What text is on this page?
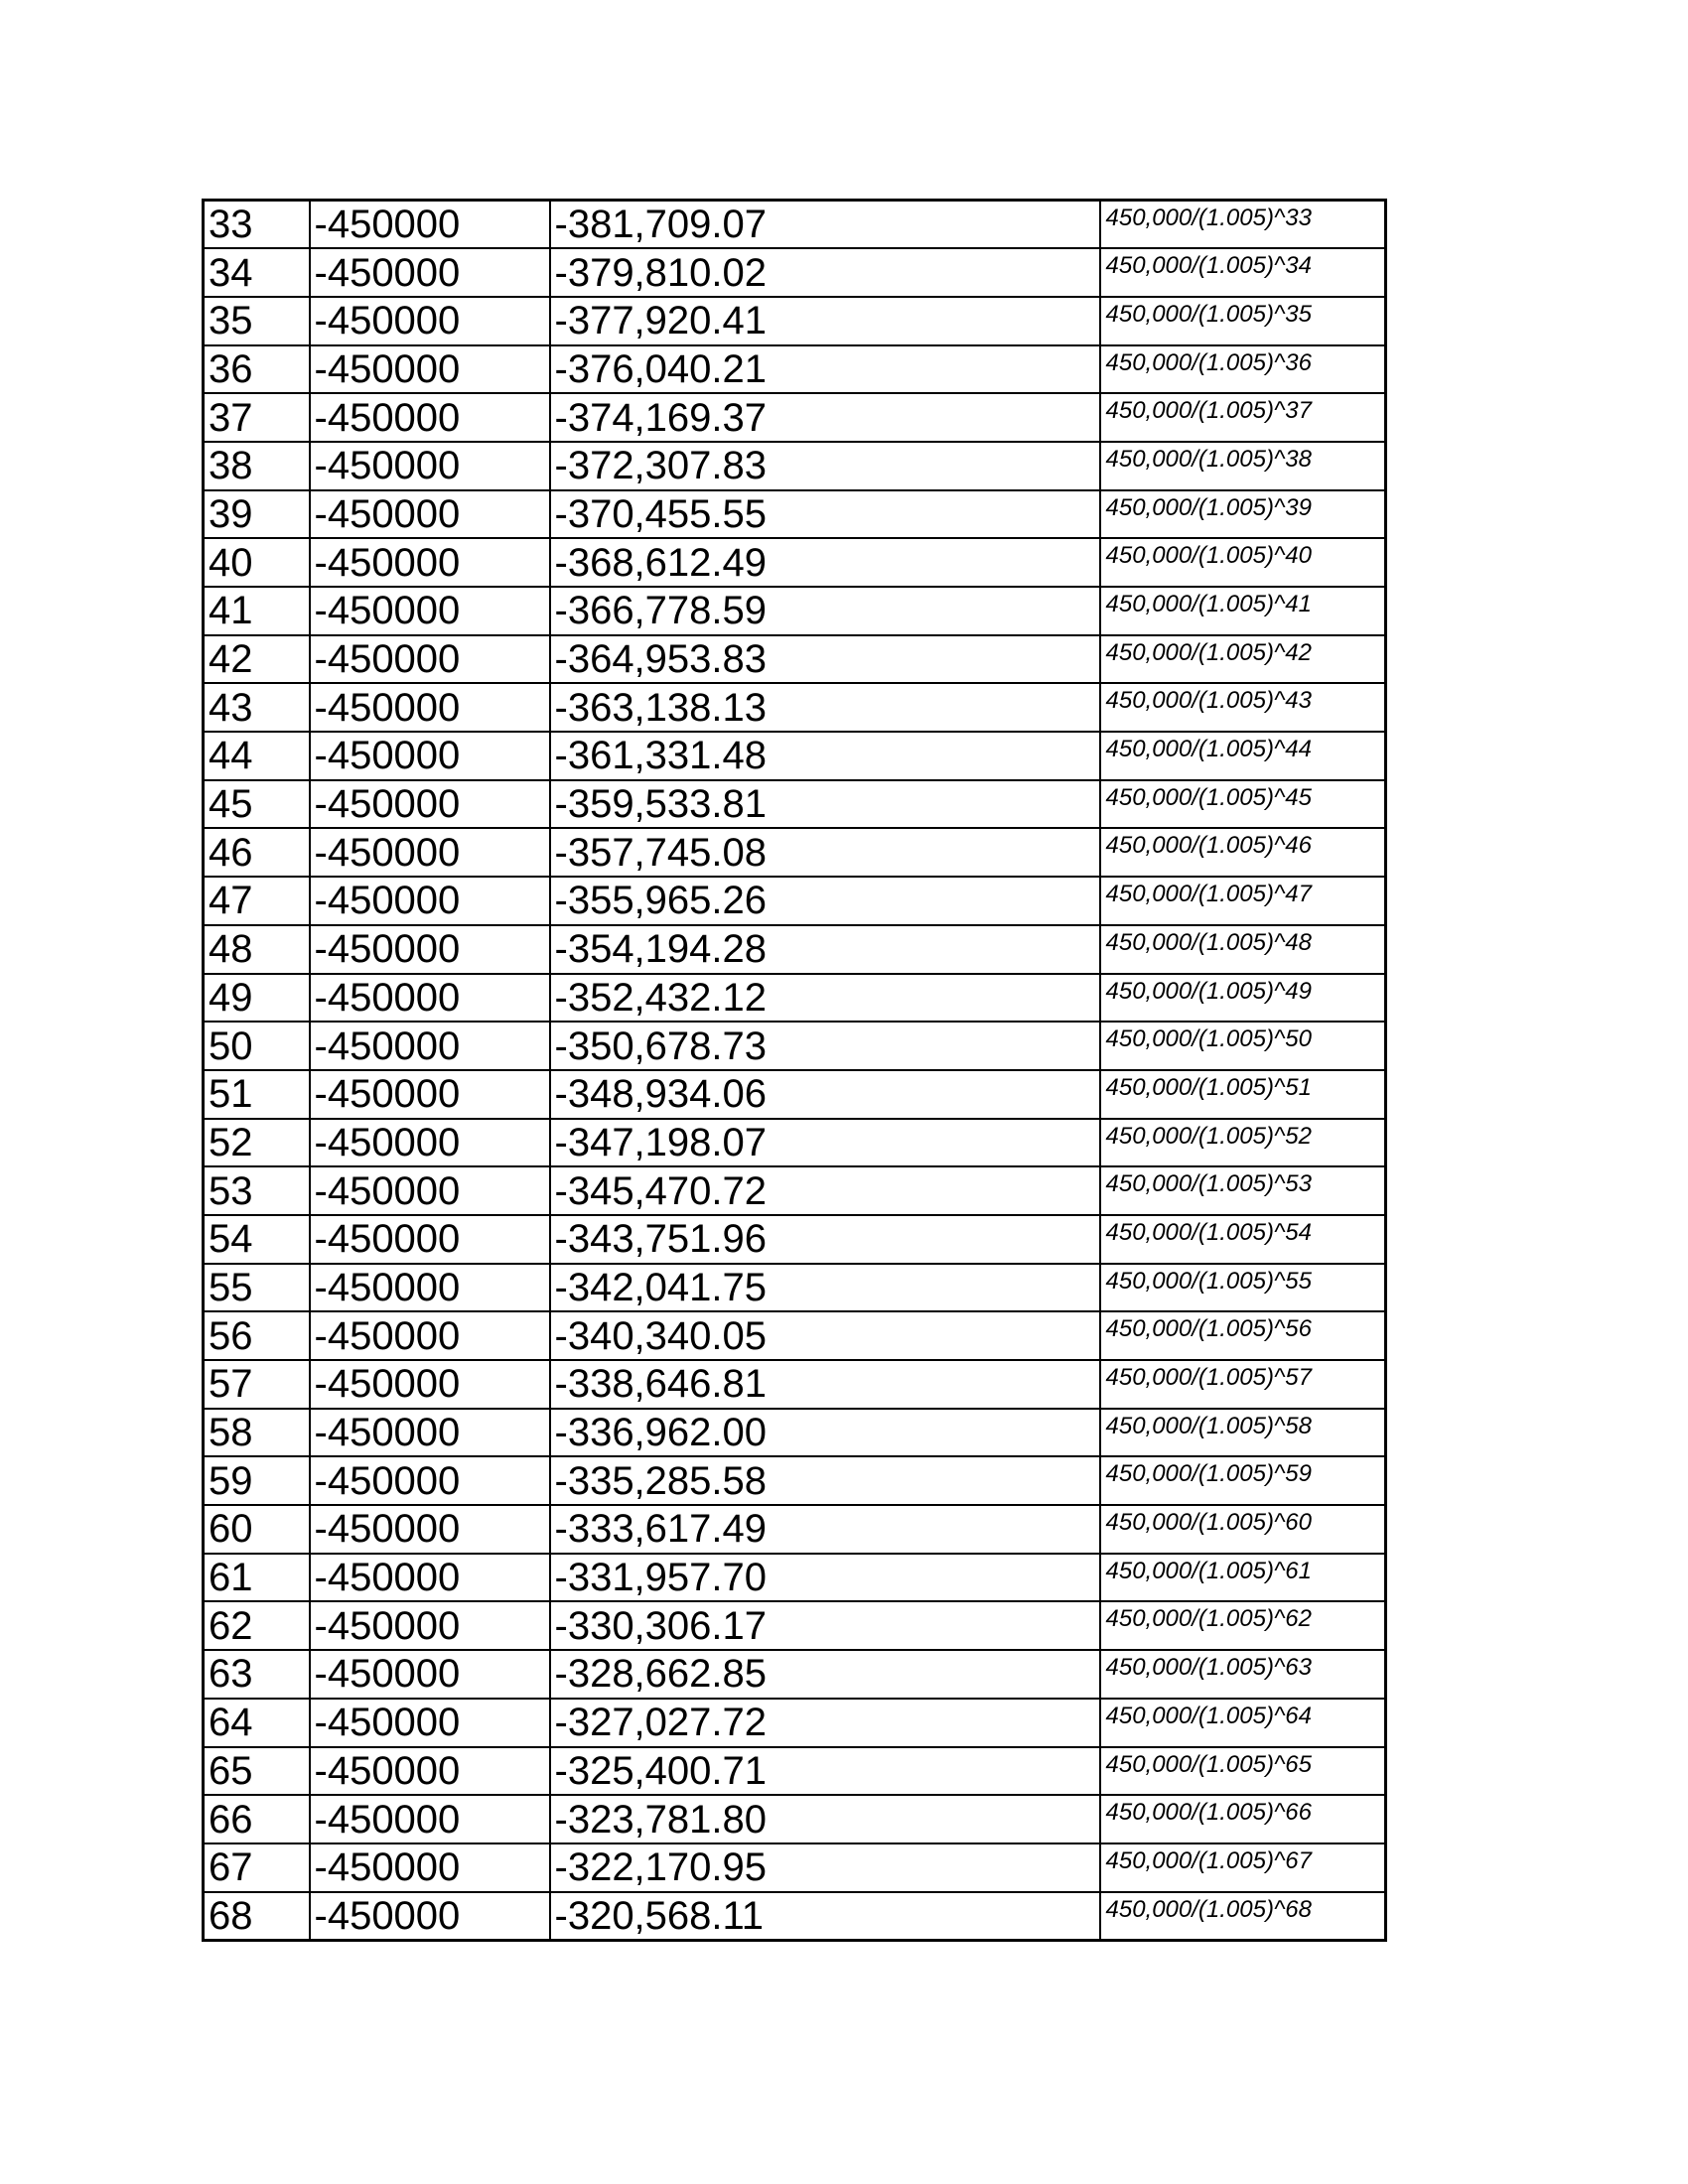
33	-450000	-381,709.07	450,000/(1.005)^33
34	-450000	-379,810.02	450,000/(1.005)^34
35	-450000	-377,920.41	450,000/(1.005)^35
36	-450000	-376,040.21	450,000/(1.005)^36
37	-450000	-374,169.37	450,000/(1.005)^37
38	-450000	-372,307.83	450,000/(1.005)^38
39	-450000	-370,455.55	450,000/(1.005)^39
40	-450000	-368,612.49	450,000/(1.005)^40
41	-450000	-366,778.59	450,000/(1.005)^41
42	-450000	-364,953.83	450,000/(1.005)^42
43	-450000	-363,138.13	450,000/(1.005)^43
44	-450000	-361,331.48	450,000/(1.005)^44
45	-450000	-359,533.81	450,000/(1.005)^45
46	-450000	-357,745.08	450,000/(1.005)^46
47	-450000	-355,965.26	450,000/(1.005)^47
48	-450000	-354,194.28	450,000/(1.005)^48
49	-450000	-352,432.12	450,000/(1.005)^49
50	-450000	-350,678.73	450,000/(1.005)^50
51	-450000	-348,934.06	450,000/(1.005)^51
52	-450000	-347,198.07	450,000/(1.005)^52
53	-450000	-345,470.72	450,000/(1.005)^53
54	-450000	-343,751.96	450,000/(1.005)^54
55	-450000	-342,041.75	450,000/(1.005)^55
56	-450000	-340,340.05	450,000/(1.005)^56
57	-450000	-338,646.81	450,000/(1.005)^57
58	-450000	-336,962.00	450,000/(1.005)^58
59	-450000	-335,285.58	450,000/(1.005)^59
60	-450000	-333,617.49	450,000/(1.005)^60
61	-450000	-331,957.70	450,000/(1.005)^61
62	-450000	-330,306.17	450,000/(1.005)^62
63	-450000	-328,662.85	450,000/(1.005)^63
64	-450000	-327,027.72	450,000/(1.005)^64
65	-450000	-325,400.71	450,000/(1.005)^65
66	-450000	-323,781.80	450,000/(1.005)^66
67	-450000	-322,170.95	450,000/(1.005)^67
68	-450000	-320,568.11	450,000/(1.005)^68
